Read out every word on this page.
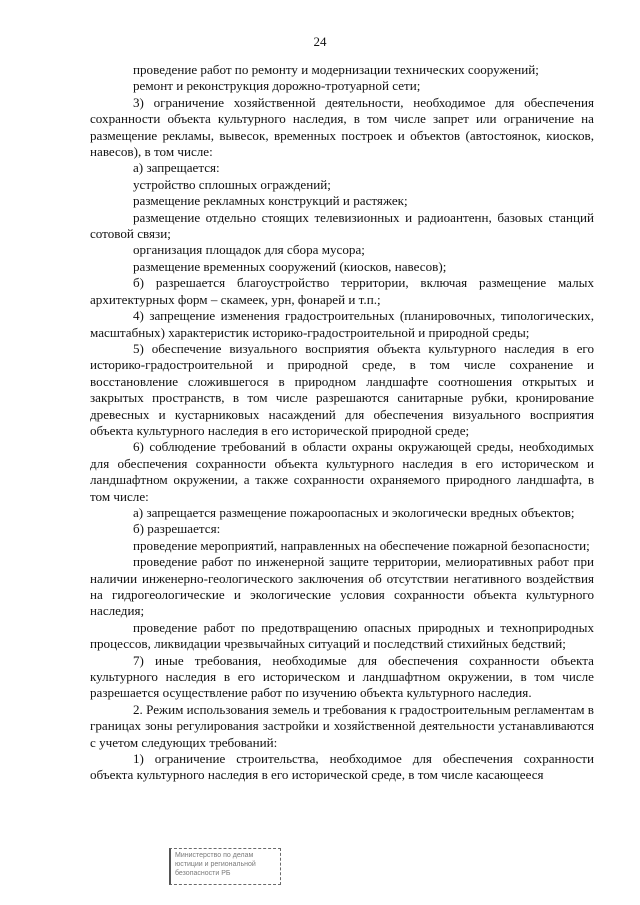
24

проведение работ по ремонту и модернизации технических сооружений;

ремонт и реконструкция дорожно-тротуарной сети;

3) ограничение хозяйственной деятельности, необходимое для обеспечения сохранности объекта культурного наследия, в том числе запрет или ограничение на размещение рекламы, вывесок, временных построек и объектов (автостоянок, киосков, навесов), в том числе:

а) запрещается:

устройство сплошных ограждений;

размещение рекламных конструкций и растяжек;

размещение отдельно стоящих телевизионных и радиоантенн, базовых станций сотовой связи;

организация площадок для сбора мусора;

размещение временных сооружений (киосков, навесов);

б) разрешается благоустройство территории, включая размещение малых архитектурных форм – скамеек, урн, фонарей и т.п.;

4) запрещение изменения градостроительных (планировочных, типологических, масштабных) характеристик историко-градостроительной и природной среды;

5) обеспечение визуального восприятия объекта культурного наследия в его историко-градостроительной и природной среде, в том числе сохранение и восстановление сложившегося в природном ландшафте соотношения открытых и закрытых пространств, в том числе разрешаются санитарные рубки, кронирование древесных и кустарниковых насаждений для обеспечения визуального восприятия объекта культурного наследия в его исторической природной среде;

6) соблюдение требований в области охраны окружающей среды, необходимых для обеспечения сохранности объекта культурного наследия в его историческом и ландшафтном окружении, а также сохранности охраняемого природного ландшафта, в том числе:

а) запрещается размещение пожароопасных и экологически вредных объектов;

б) разрешается:

проведение мероприятий, направленных на обеспечение пожарной безопасности;

проведение работ по инженерной защите территории, мелиоративных работ при наличии инженерно-геологического заключения об отсутствии негативного воздействия на гидрогеологические и экологические условия сохранности объекта культурного наследия;

проведение работ по предотвращению опасных природных и технoприродных процессов, ликвидации чрезвычайных ситуаций и последствий стихийных бедствий;

7) иные требования, необходимые для обеспечения сохранности объекта культурного наследия в его историческом и ландшафтном окружении, в том числе разрешается осуществление работ по изучению объекта культурного наследия.

2. Режим использования земель и требования к градостроительным регламентам в границах зоны регулирования застройки и хозяйственной деятельности устанавливаются с учетом следующих требований:

1) ограничение строительства, необходимое для обеспечения сохранности объекта культурного наследия в его исторической среде, в том числе касающееся

Министерство по делам
юстиции и региональной
безопасности РБ
